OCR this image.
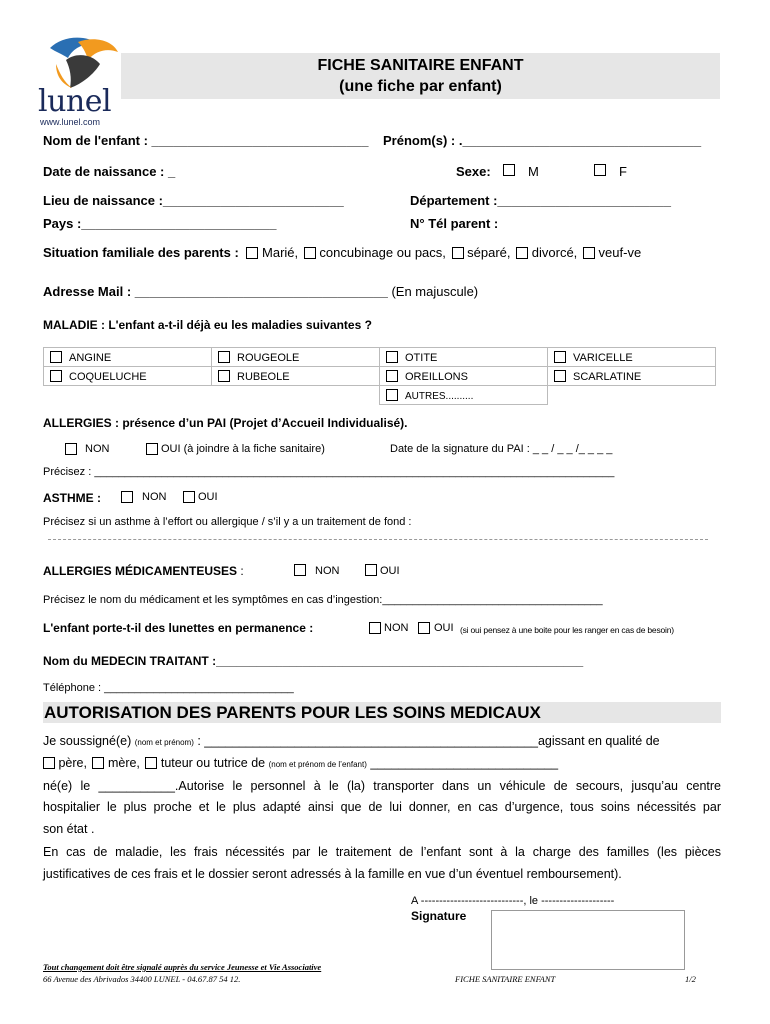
lunel
www.lunel.com
FICHE SANITAIRE ENFANT
(une fiche par enfant)
Nom de l'enfant : ______________________________ Prénom(s) : ._________________________________
Date de naissance : _	Sexe:	M	F
Lieu de naissance :_________________________	Département :________________________
Pays :___________________________	N° Tél parent :
Situation familiale des parents : Marié, concubinage ou pacs, séparé, divorcé, veuf-ve
Adresse Mail : ___________________________________ (En majuscule)
MALADIE : L'enfant a-t-il déjà eu les maladies suivantes ?
ANGINE	ROUGEOLE	OTITE	VARICELLE
COQUELUCHE	RUBEOLE	OREILLONS	SCARLATINE
		AUTRES..........	
ALLERGIES : présence d’un PAI (Projet d’Accueil Individualisé).
NON	OUI (à joindre à la fiche sanitaire)	Date de la signature du PAI : _ _ / _ _ /_ _ _ _
Précisez : _____________________________________________________________________________________
ASTHME :	NON	OUI
Précisez si un asthme à l’effort ou allergique / s’il y a un traitement de fond :
ALLERGIES MÉDICAMENTEUSES :	NON	OUI
Précisez le nom du médicament et les symptômes en cas d’ingestion:____________________________________
L'enfant porte-t-il des lunettes en permanence :	NON OUI (si oui pensez à une boite pour les ranger en cas de besoin)
Nom du MEDECIN TRAITANT :_______________________________________________________
Téléphone : _______________________________
AUTORISATION DES PARENTS POUR LES SOINS MEDICAUX
Je soussigné(e) (nom et prénom) : ________________________________________________agissant en qualité de
père, mère, tuteur ou tutrice de (nom et prénom de l’enfant) ___________________________
né(e) le ___________.Autorise le personnel à le (la) transporter dans un véhicule de secours, jusqu’au centre
hospitalier le plus proche et le plus adapté ainsi que de lui donner, en cas d’urgence, tous soins nécessités par
son état .
En cas de maladie, les frais nécessités par le traitement de l’enfant sont à la charge des familles (les pièces
justificatives de ces frais et le dossier seront adressés à la famille en vue d’un éventuel remboursement).
A ----------------------------, le --------------------
Signature
Tout changement doit être signalé auprès du service Jeunesse et Vie Associative
66 Avenue des Abrivados 34400 LUNEL - 04.67.87 54 12.	FICHE SANITAIRE ENFANT	1/2
